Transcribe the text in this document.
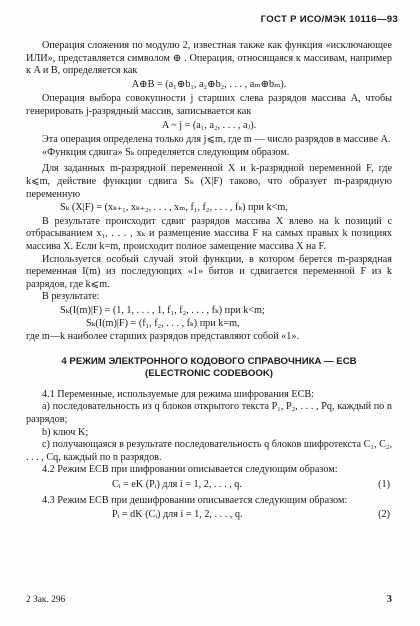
ГОСТ Р ИСО/МЭК 10116—93

Операция сложения по модулю 2, известная также как функция «исключающее ИЛИ», представляется символом ⊕ . Операция, относящаяся к массивам, например к A и B, определяется как

A⊕B = (a₁⊕b₁, a₂⊕b₂, . . . , aₘ⊕bₘ).

Операция выбора совокупности j старших слева разрядов массива A, чтобы генерировать j-разрядный массив, записывается как

A ~ j = (a₁, a₂, . . . , aⱼ).

Эта операция определена только для j⩽m, где m — число разрядов в массиве A.

«Функция сдвига» Sₖ определяется следующим образом.

Для заданных m-разрядной переменной X и k-разрядной переменной F, где k⩽m, действие функции сдвига Sₖ (X|F) таково, что образует m-разрядную переменную

Sₖ (X|F) = (xₖ₊₁, xₖ₊₂, . . . , xₘ, f₁, f₂, . . . , fₖ) при k<m,

В результате происходит сдвиг разрядов массива X влево на k позиций с отбрасыванием x₁, . . . , xₖ и размещение массива F на самых правых k позициях массива X. Если k=m, происходит полное замещение массива X на F.

Используется особый случай этой функции, в котором берется m-разрядная переменная I(m) из последующих «1» битов и сдвигается переменной F из k разрядов, где k⩽m.

В результате:

Sₖ(I(m)|F) = (1, 1, . . . , 1, f₁, f₂, . . . , fₖ) при k<m;

Sₖ(I(m)|F) = (f₁, f₂, . . . , fₖ) при k=m,

где m—k наиболее старших разрядов представляют собой «1».

4 РЕЖИМ ЭЛЕКТРОННОГО КОДОВОГО СПРАВОЧНИКА — ECB
(ELECTRONIC CODEBOOK)

4.1 Переменные, используемые для режима шифрования ECB:

a) последовательность из q блоков открытого текста P₁, P₂, . . . , Pq, каждый по n разрядов;

b) ключ K;

c) получающаяся в результате последовательность q блоков шифротекста C₁, C₂, . . . , Cq, каждый по n разрядов.

4.2 Режим ECB при шифровании описывается следующим образом:

Cᵢ = eK (Pᵢ) для i = 1, 2, . . . , q.	(1)

4.3 Режим ECB при дешифровании описывается следующим образом:

Pᵢ = dK (Cᵢ) для i = 1, 2, . . . , q.	(2)
2 Зак. 296	3
